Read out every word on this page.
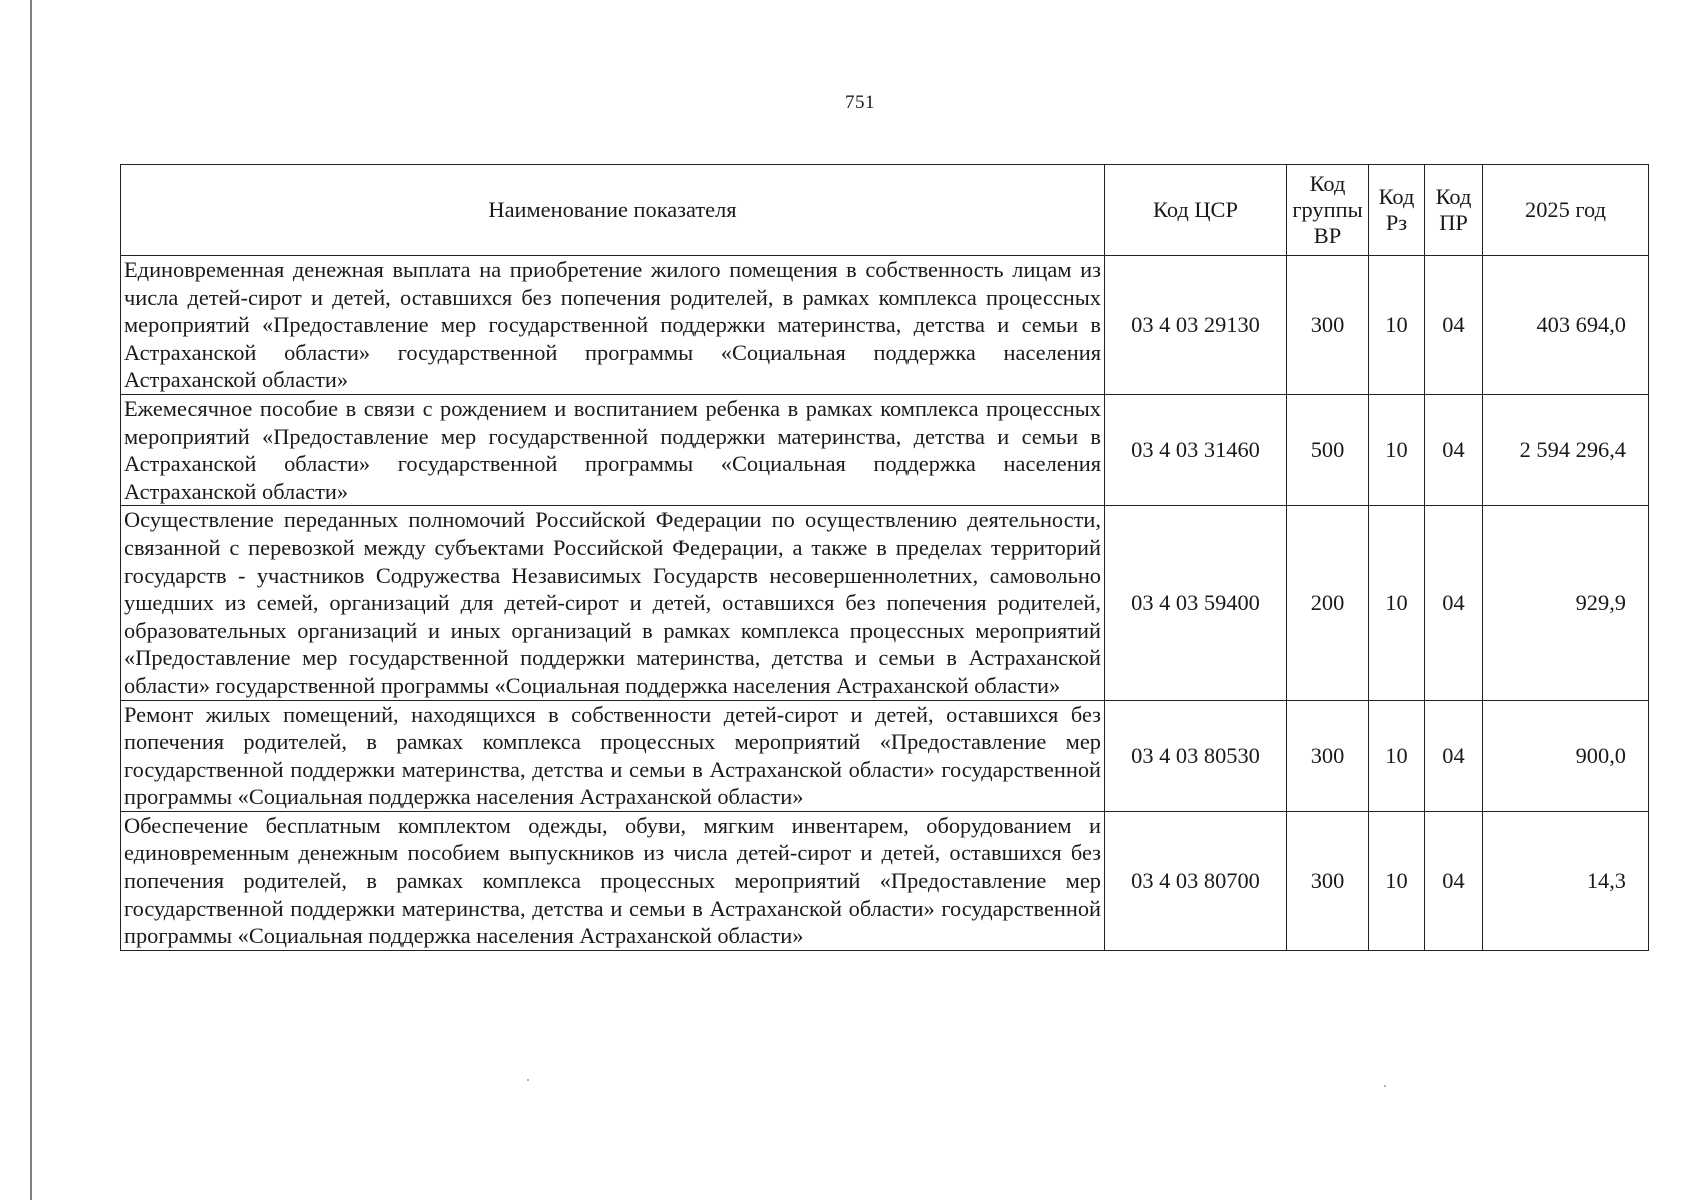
751
Наименование показателя	Код ЦСР	Код группы ВР	Код Рз	Код ПР	2025 год
Единовременная денежная выплата на приобретение жилого помещения в собственность лицам из числа детей-сирот и детей, оставшихся без попечения родителей, в рамках комплекса процессных мероприятий «Предоставление мер государственной поддержки материнства, детства и семьи в Астраханской области» государственной программы «Социальная поддержка населения Астраханской области»	03 4 03 29130	300	10	04	403 694,0
Ежемесячное пособие в связи с рождением и воспитанием ребенка в рамках комплекса процессных мероприятий «Предоставление мер государственной поддержки материнства, детства и семьи в Астраханской области» государственной программы «Социальная поддержка населения Астраханской области»	03 4 03 31460	500	10	04	2 594 296,4
Осуществление переданных полномочий Российской Федерации по осуществлению деятельности, связанной с перевозкой между субъектами Российской Федерации, а также в пределах территорий государств - участников Содружества Независимых Государств несовершеннолетних, самовольно ушедших из семей, организаций для детей-сирот и детей, оставшихся без попечения родителей, образовательных организаций и иных организаций в рамках комплекса процессных мероприятий «Предоставление мер государственной поддержки материнства, детства и семьи в Астраханской области» государственной программы «Социальная поддержка населения Астраханской области»	03 4 03 59400	200	10	04	929,9
Ремонт жилых помещений, находящихся в собственности детей-сирот и детей, оставшихся без попечения родителей, в рамках комплекса процессных мероприятий «Предоставление мер государственной поддержки материнства, детства и семьи в Астраханской области» государственной программы «Социальная поддержка населения Астраханской области»	03 4 03 80530	300	10	04	900,0
Обеспечение бесплатным комплектом одежды, обуви, мягким инвентарем, оборудованием и единовременным денежным пособием выпускников из числа детей-сирот и детей, оставшихся без попечения родителей, в рамках комплекса процессных мероприятий «Предоставление мер государственной поддержки материнства, детства и семьи в Астраханской области» государственной программы «Социальная поддержка населения Астраханской области»	03 4 03 80700	300	10	04	14,3
